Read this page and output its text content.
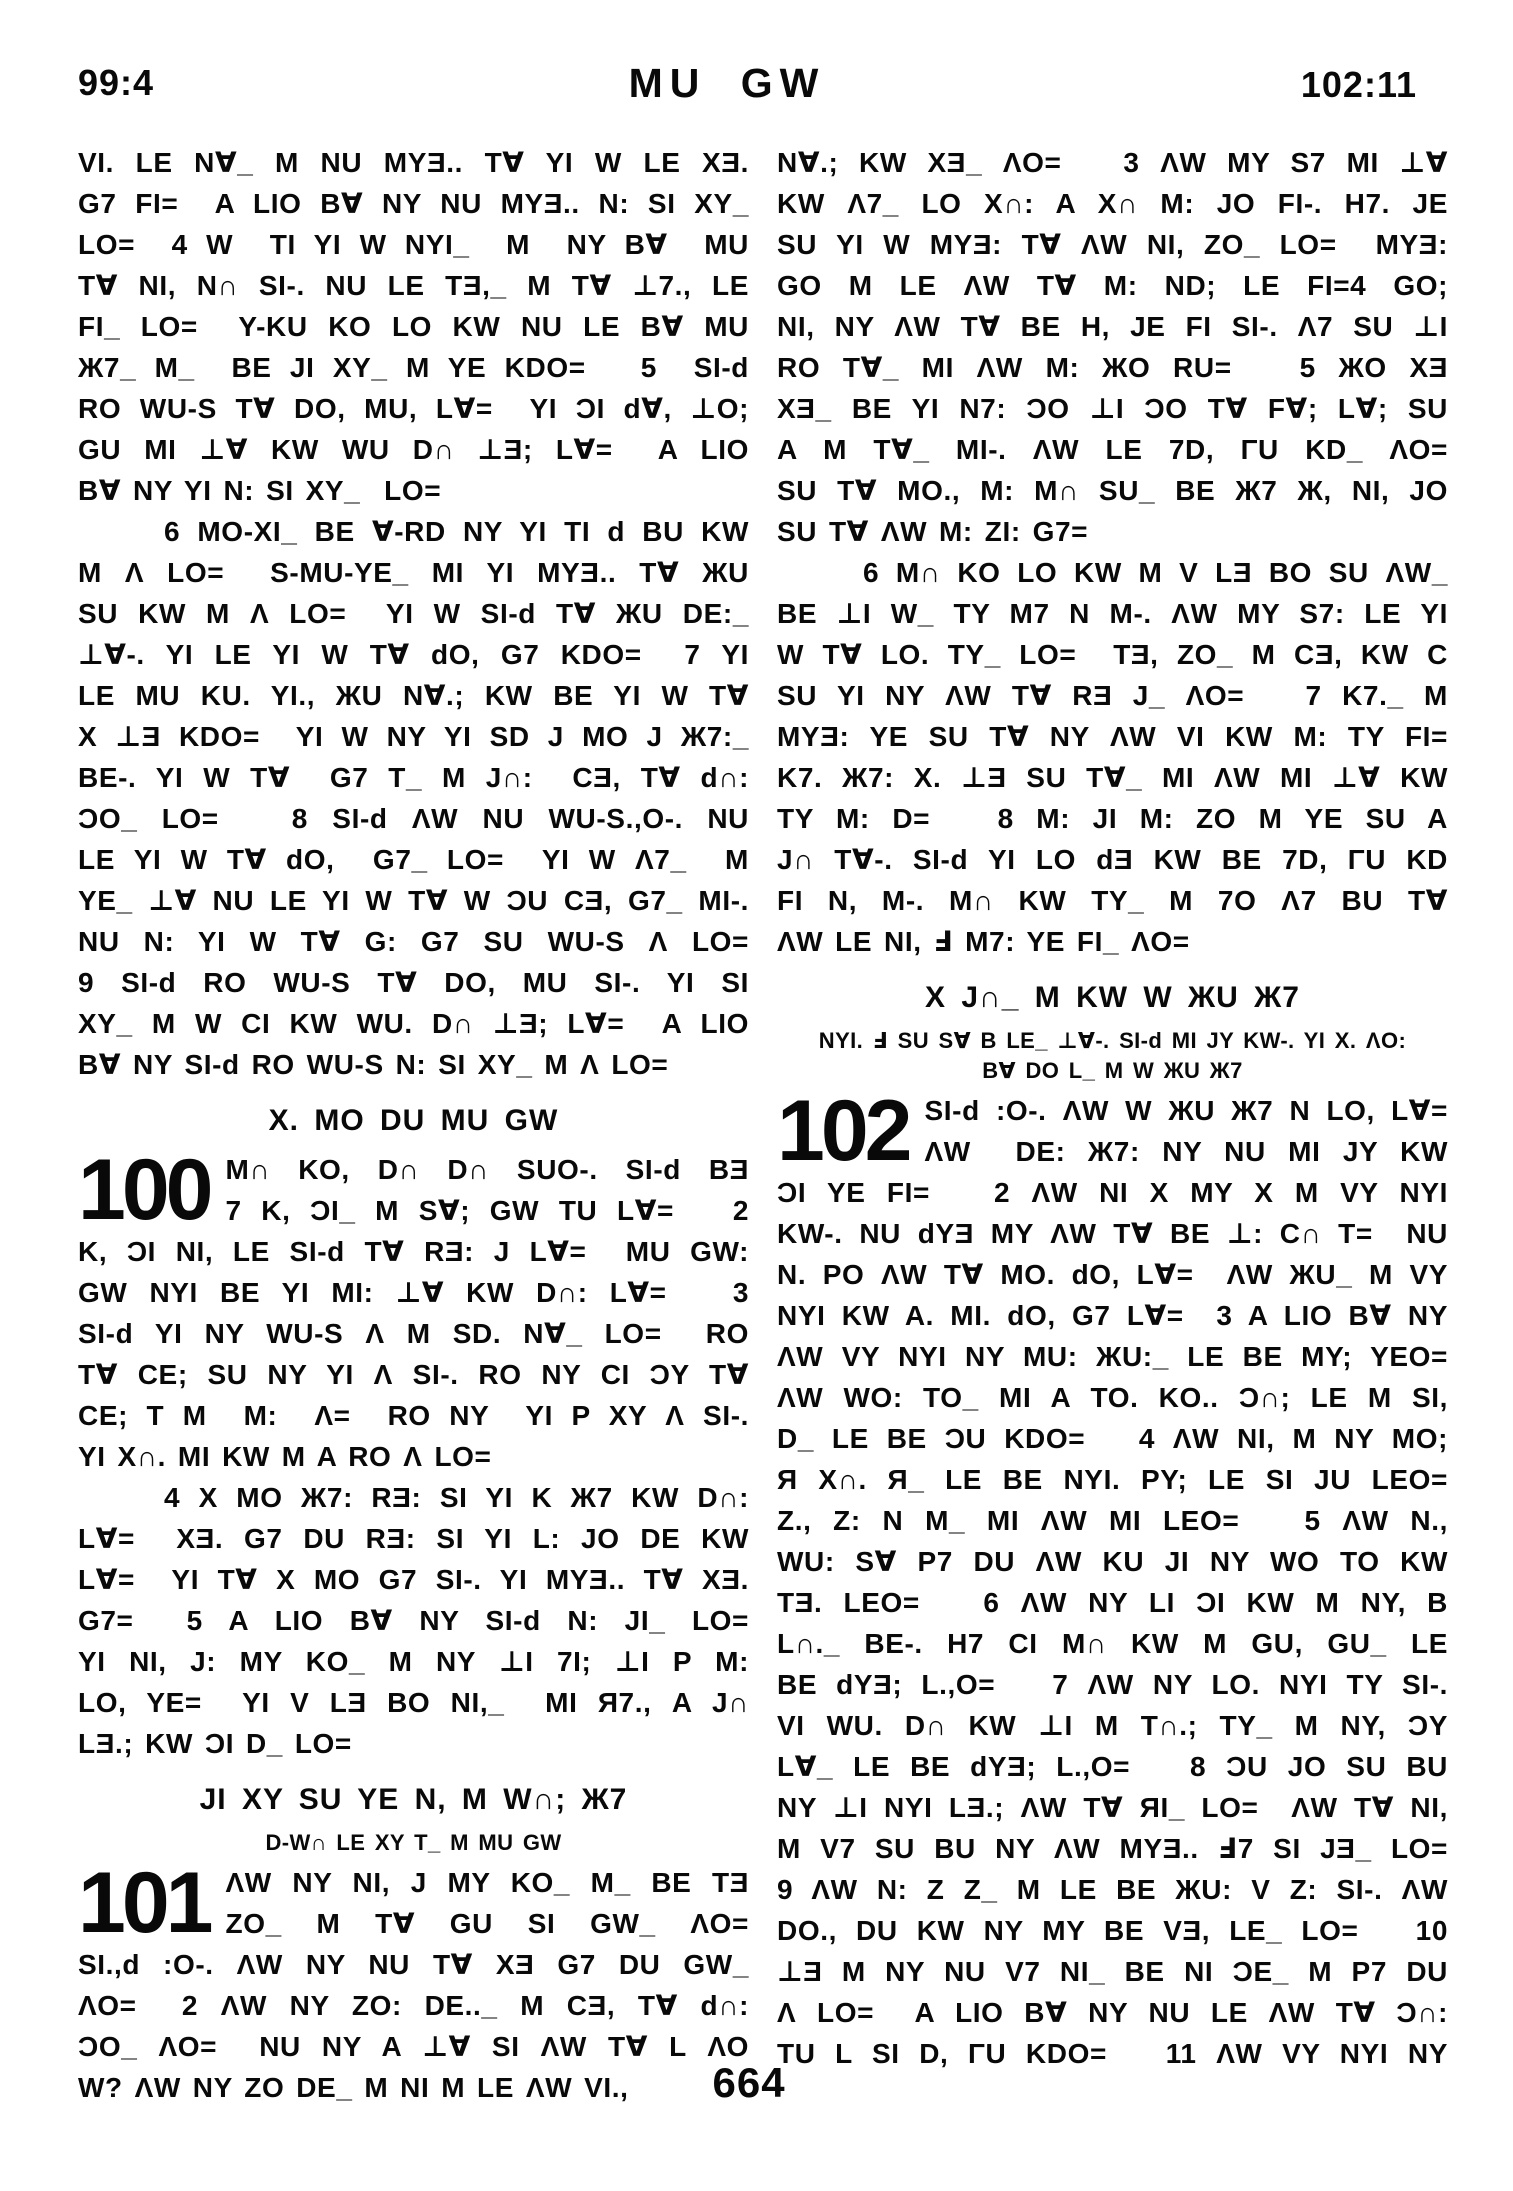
99:4	MU GW	102:11
VI. LE N∀_ M NU MYƎ.. T∀ YI W LE XƎ.
G7 FI=  A LIO B∀ NY NU MYƎ.. N: SI XY_
LO=  4 W  TI YI W NYI_  M  NY B∀  MU
T∀ NI, N∩ SI-. NU LE TƎ,_ M T∀ ⊥7., LE
FI_ LO=  Y-KU KO LO KW NU LE B∀ MU
Ж7_ M_  BE JI XY_ M YE KDO=   5  SI-d
RO WU-S T∀ DO, MU, L∀=  YI ƆI d∀, ⊥O;
GU MI ⊥∀ KW WU D∩ ⊥Ǝ; L∀=  A LIO
B∀ NY YI N: SI XY_  LO=
6 MO-XI_ BE ∀-RD NY YI TI d BU KW
M Λ LO=  S-MU-YE_ MI YI MYƎ.. T∀ ЖU
SU KW M Λ LO=  YI W SI-d T∀ ЖU DE:_
⊥∀-. YI LE YI W T∀ dO, G7 KDO=  7 YI
LE MU KU. YI., ЖU N∀.; KW BE YI W T∀
X ⊥Ǝ KDO=  YI W NY YI SD J MO J Ж7:_
BE-. YI W T∀  G7 T_ M J∩:  CƎ, T∀ d∩:
ƆO_ LO=   8 SI-d ΛW NU WU-S.,O-. NU
LE YI W T∀ dO,  G7_ LO=  YI W Λ7_  M
YE_ ⊥∀ NU LE YI W T∀ W ƆU CƎ, G7_ MI-.
NU N: YI W T∀ G: G7 SU WU-S Λ LO=
9 SI-d RO WU-S T∀ DO, MU SI-. YI SI
XY_ M W CI KW WU. D∩ ⊥Ǝ; L∀=  A LIO
B∀ NY SI-d RO WU-S N: SI XY_ M Λ LO=
X. MO DU MU GW
100 M∩ KO, D∩ D∩ SUO-. SI-d BƎ
7 K, ƆI_ M S∀; GW TU L∀=   2
K, ƆI NI, LE SI-d T∀ RƎ: J L∀=  MU GW:
GW NYI BE YI MI: ⊥∀ KW D∩: L∀=   3
SI-d YI NY WU-S Λ M SD. N∀_ LO=  RO
T∀ CE; SU NY YI Λ SI-. RO NY CI ƆY T∀
CE; T M  M:  Λ=  RO NY  YI P XY Λ SI-.
YI X∩. MI KW M A RO Λ LO=
4 X MO Ж7: RƎ: SI YI K Ж7 KW D∩:
L∀=  XƎ. G7 DU RƎ: SI YI L: JO DE KW
L∀=  YI T∀ X MO G7 SI-. YI MYƎ.. T∀ XƎ.
G7=  5 A LIO B∀ NY SI-d N: JI_ LO=
YI NI, J: MY KO_ M NY ⊥I 7I; ⊥I P M:
LO, YE=  YI V LƎ BO NI,_  MI Я7., A J∩
LƎ.; KW ƆI D_ LO=
JI XY SU YE N, M W∩; Ж7
D-W∩ LE XY T_ M MU GW
101 ΛW NY NI, J MY KO_ M_ BE TƎ
ZO_ M T∀ GU SI GW_ ΛO=
SI.,d :O-. ΛW NY NU T∀ XƎ G7 DU GW_
ΛO=  2 ΛW NY ZO: DE.._ M CƎ, T∀ d∩:
ƆO_ ΛO=  NU NY A ⊥∀ SI ΛW T∀ L ΛO
W? ΛW NY ZO DE_ M NI M LE ΛW VI.,
N∀.; KW XƎ_ ΛO=   3 ΛW MY S7 MI ⊥∀
KW Λ7_ LO X∩: A X∩ M: JO FI-. H7. JE
SU YI W MYƎ: T∀ ΛW NI, ZO_ LO=  MYƎ:
GO M LE ΛW T∀ M: ND; LE FI=4 GO;
NI, NY ΛW T∀ BE H, JE FI SI-. Λ7 SU ⊥I
RO T∀_ MI ΛW M: ЖO RU=   5 ЖO XƎ
XƎ_ BE YI N7: ƆO ⊥I ƆO T∀ F∀; L∀; SU
A M T∀_ MI-. ΛW LE 7D, ΓU KD_ ΛO=
SU T∀ MO., M: M∩ SU_ BE Ж7 Ж, NI, JO
SU T∀ ΛW M: ZI: G7=
6 M∩ KO LO KW M V LƎ BO SU ΛW_
BE ⊥I W_ TY M7 N M-. ΛW MY S7: LE YI
W T∀ LO. TY_ LO=  TƎ, ZO_ M CƎ, KW C
SU YI NY ΛW T∀ RƎ J_ ΛO=   7 K7._ M
MYƎ: YE SU T∀ NY ΛW VI KW M: TY FI=
K7. Ж7: X. ⊥Ǝ SU T∀_ MI ΛW MI ⊥∀ KW
TY M: D=   8 M: JI M: ZO M YE SU A
J∩ T∀-. SI-d YI LO dƎ KW BE 7D, ΓU KD
FI N, M-. M∩ KW TY_ M 7O Λ7 BU T∀
ΛW LE NI, Ⅎ M7: YE FI_ ΛO=
X J∩_ M KW W ЖU Ж7
NYI. Ⅎ SU S∀ B LE_ ⊥∀-. SI-d MI JY KW-. YI X. ΛO:
B∀ DO L_ M W ЖU Ж7
102 SI-d :O-. ΛW W ЖU Ж7 N LO, L∀=
ΛW  DE: Ж7: NY NU MI JY KW
ƆI YE FI=   2 ΛW NI X MY X M VY NYI
KW-. NU dYƎ MY ΛW T∀ BE ⊥: C∩ T=  NU
N. PO ΛW T∀ MO. dO, L∀=  ΛW ЖU_ M VY
NYI KW A. MI. dO, G7 L∀=  3 A LIO B∀ NY
ΛW VY NYI NY MU: ЖU:_ LE BE MY; YEO=
ΛW WO: TO_ MI A TO. KO.. Ɔ∩; LE M SI,
D_ LE BE ƆU KDO=   4 ΛW NI, M NY MO;
Я X∩. Я_ LE BE NYI. PY; LE SI JU LEO=
Z., Z: N M_ MI ΛW MI LEO=   5 ΛW N.,
WU: S∀ P7 DU ΛW KU JI NY WO TO KW
TƎ. LEO=   6 ΛW NY LI ƆI KW M NY, B
L∩._ BE-. H7 CI M∩ KW M GU, GU_ LE
BE dYƎ; L.,O=   7 ΛW NY LO. NYI TY SI-.
VI WU. D∩ KW ⊥I M T∩.; TY_ M NY, ƆY
L∀_ LE BE dYƎ; L.,O=   8 ƆU JO SU BU
NY ⊥I NYI LƎ.; ΛW T∀ ЯI_ LO=  ΛW T∀ NI,
M V7 SU BU NY ΛW MYƎ.. Ⅎ7 SI JƎ_ LO=
9 ΛW N: Z Z_ M LE BE ЖU: V Z: SI-. ΛW
DO., DU KW NY MY BE VƎ, LE_ LO=   10
⊥Ǝ M NY NU V7 NI_ BE NI ƆE_ M P7 DU
Λ LO=  A LIO B∀ NY NU LE ΛW T∀ Ɔ∩:
TU L SI D, ΓU KDO=   11 ΛW VY NYI NY
664
